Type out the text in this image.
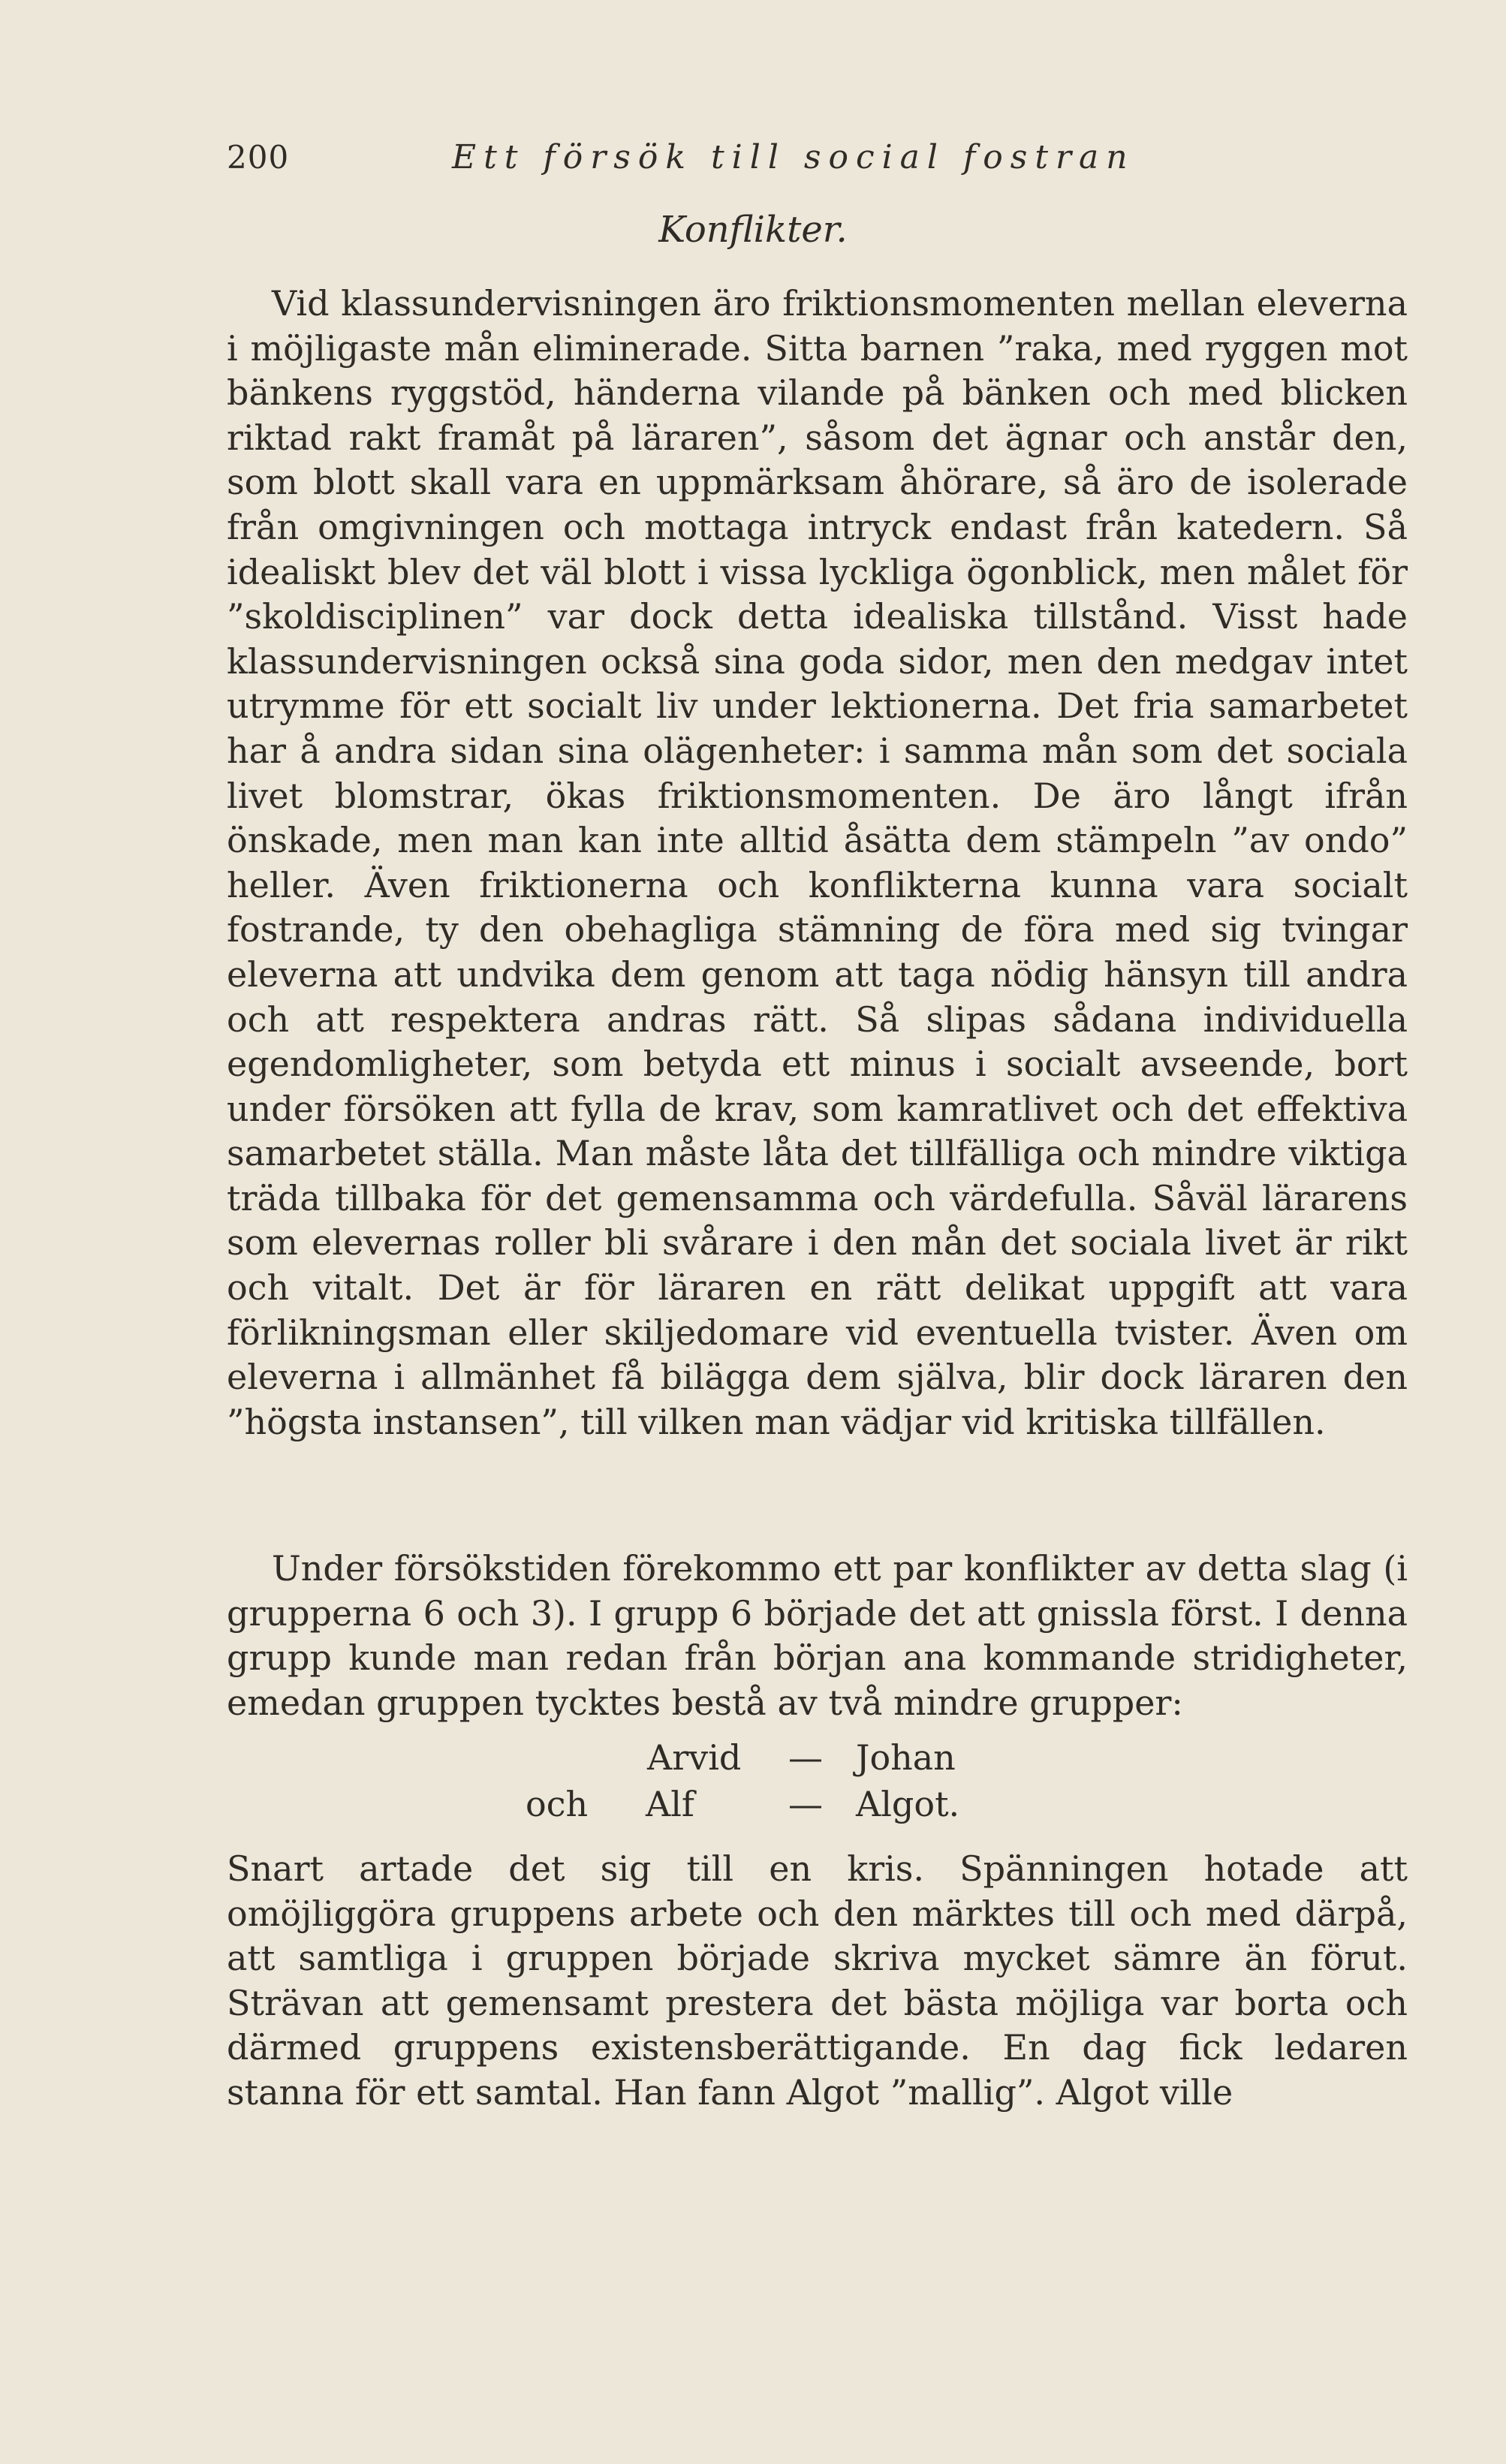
200	Ett försök till social fostran
Konflikter.

Vid klassundervisningen äro friktionsmomenten mellan eleverna i möjligaste mån eliminerade. Sitta barnen ”raka, med ryggen mot bänkens ryggstöd, händerna vilande på bänken och med blicken riktad rakt framåt på läraren”, såsom det ägnar och anstår den, som blott skall vara en uppmärksam åhörare, så äro de isolerade från omgivningen och mottaga intryck endast från katedern. Så idealiskt blev det väl blott i vissa lyckliga ögonblick, men målet för ”skoldisciplinen” var dock detta idealiska tillstånd. Visst hade klassundervisningen också sina goda sidor, men den medgav intet utrymme för ett socialt liv under lektionerna. Det fria samarbetet har å andra sidan sina olägenheter: i samma mån som det sociala livet blomstrar, ökas friktionsmomenten. De äro långt ifrån önskade, men man kan inte alltid åsätta dem stämpeln ”av ondo” heller. Även friktionerna och konflikterna kunna vara socialt fostrande, ty den obehagliga stämning de föra med sig tvingar eleverna att undvika dem genom att taga nödig hänsyn till andra och att respektera andras rätt. Så slipas sådana individuella egendomligheter, som betyda ett minus i socialt avseende, bort under försöken att fylla de krav, som kamratlivet och det effektiva samarbetet ställa. Man måste låta det tillfälliga och mindre viktiga träda tillbaka för det gemensamma och värdefulla. Såväl lärarens som elevernas roller bli svårare i den mån det sociala livet är rikt och vitalt. Det är för läraren en rätt delikat uppgift att vara förlikningsman eller skiljedomare vid eventuella tvister. Även om eleverna i allmänhet få bilägga dem själva, blir dock läraren den ”högsta instansen”, till vilken man vädjar vid kritiska tillfällen.

Under försökstiden förekommo ett par konflikter av detta slag (i grupperna 6 och 3). I grupp 6 började det att gnissla först. I denna grupp kunde man redan från början ana kommande stridigheter, emedan gruppen tycktes bestå av två mindre grupper:

Arvid — Johan
och Alf	— Algot.

Snart artade det sig till en kris. Spänningen hotade att omöjliggöra gruppens arbete och den märktes till och med därpå, att samtliga i gruppen började skriva mycket sämre än förut. Strävan att gemensamt prestera det bästa möjliga var borta och därmed gruppens existensberättigande. En dag fick ledaren stanna för ett samtal. Han fann Algot ”mallig”. Algot ville
